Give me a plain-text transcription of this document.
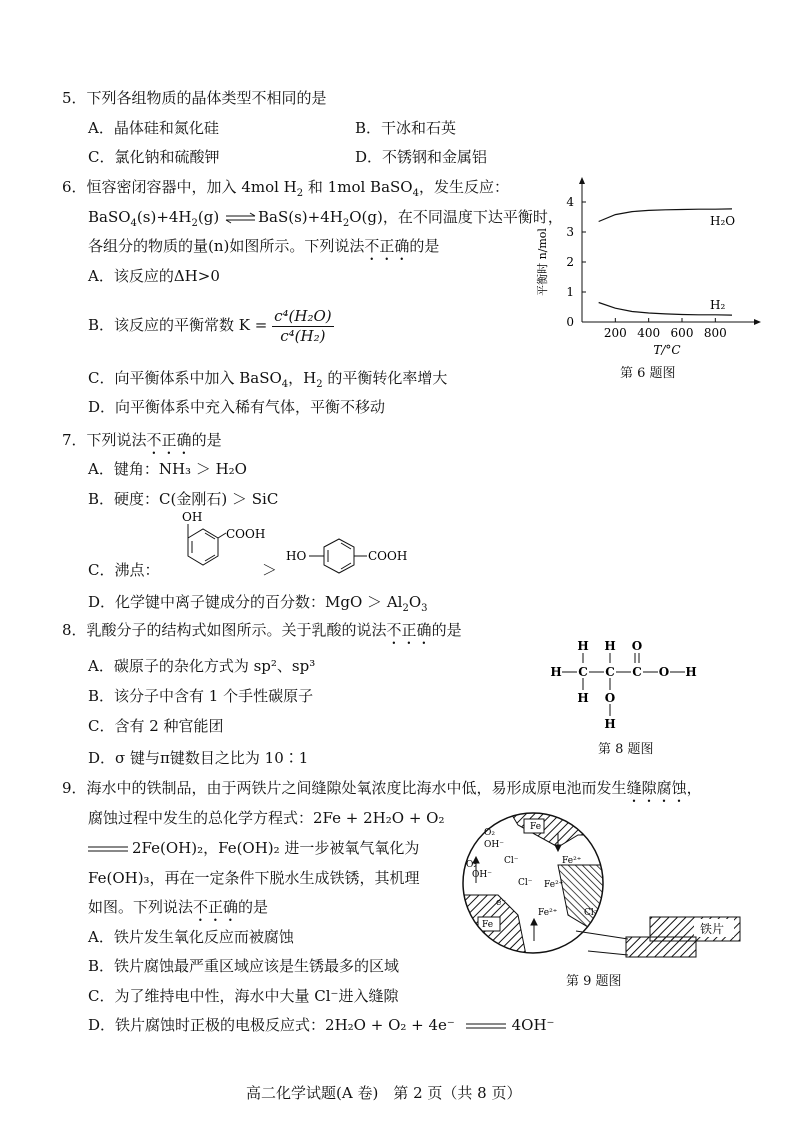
5．下列各组物质的晶体类型不相同的是
A．晶体硅和氮化硅	B．干冰和石英
C．氯化钠和硫酸钾	D．不锈钢和金属铝
6．恒容密闭容器中，加入 4mol $H_2$ 和 1mol BaSO$_4$，发生反应：
$BaSO_4(s)+4H_2(g)$ $\rightleftharpoons BaS(s)+4H_2O(g)$，在不同温度下达平衡时，
各组分的物质的量(n)如图所示。下列说法不正确的是
A．该反应的ΔH>0
B．该反应的平衡常数 $K = \frac{\text{c⁴(H₂O)}}{\text{c⁴(H₂)}}$
C．向平衡体系中加入 BaSO$_4$，$H_2$ 的平衡转化率增大
D．向平衡体系中充入稀有气体，平衡不移动
200 400 600 800
0
1
2
3
4
T/°C
平衡时 n/mol
H₂O
H₂
第 6 题图
7．下列说法不正确的是
A．键角：NH₃ ＞ H₂O
B．硬度：C(金刚石) ＞ SiC
C．沸点：	＞
OH
COOH
HO	COOH
D．化学键中离子键成分的百分数：MgO ＞ $Al_2O_3$
8．乳酸分子的结构式如图所示。关于乳酸的说法不正确的是
A．碳原子的杂化方式为 sp²、sp³
B．该分子中含有 1 个手性碳原子
C．含有 2 种官能团
D．σ 键与π键数目之比为 10∶1
H C C C O H
H H O
H O
H
第 8 题图
9．海水中的铁制品，由于两铁片之间缝隙处氧浓度比海水中低，易形成原电池而发生缝隙腐蚀，
腐蚀过程中发生的总化学方程式：2Fe + 2H₂O + O₂
2Fe(OH)₂，Fe(OH)₂ 进一步被氧气氧化为
Fe(OH)₃，再在一定条件下脱水生成铁锈，其机理
如图。下列说法不正确的是
A．铁片发生氧化反应而被腐蚀
B．铁片腐蚀最严重区域应该是生锈最多的区域
C．为了维持电中性，海水中大量 Cl⁻进入缝隙
D．铁片腐蚀时正极的电极反应式：2H₂O + O₂ + 4e⁻	4OH⁻
O₂
OH⁻
O₂
OH⁻
Fe
Fe²⁺
Cl⁻
Cl⁻ Fe²⁺
Cl⁻
Fe²⁺
Fe
e⁻
铁片
第 9 题图
高二化学试题(A 卷)　第 2 页（共 8 页）
